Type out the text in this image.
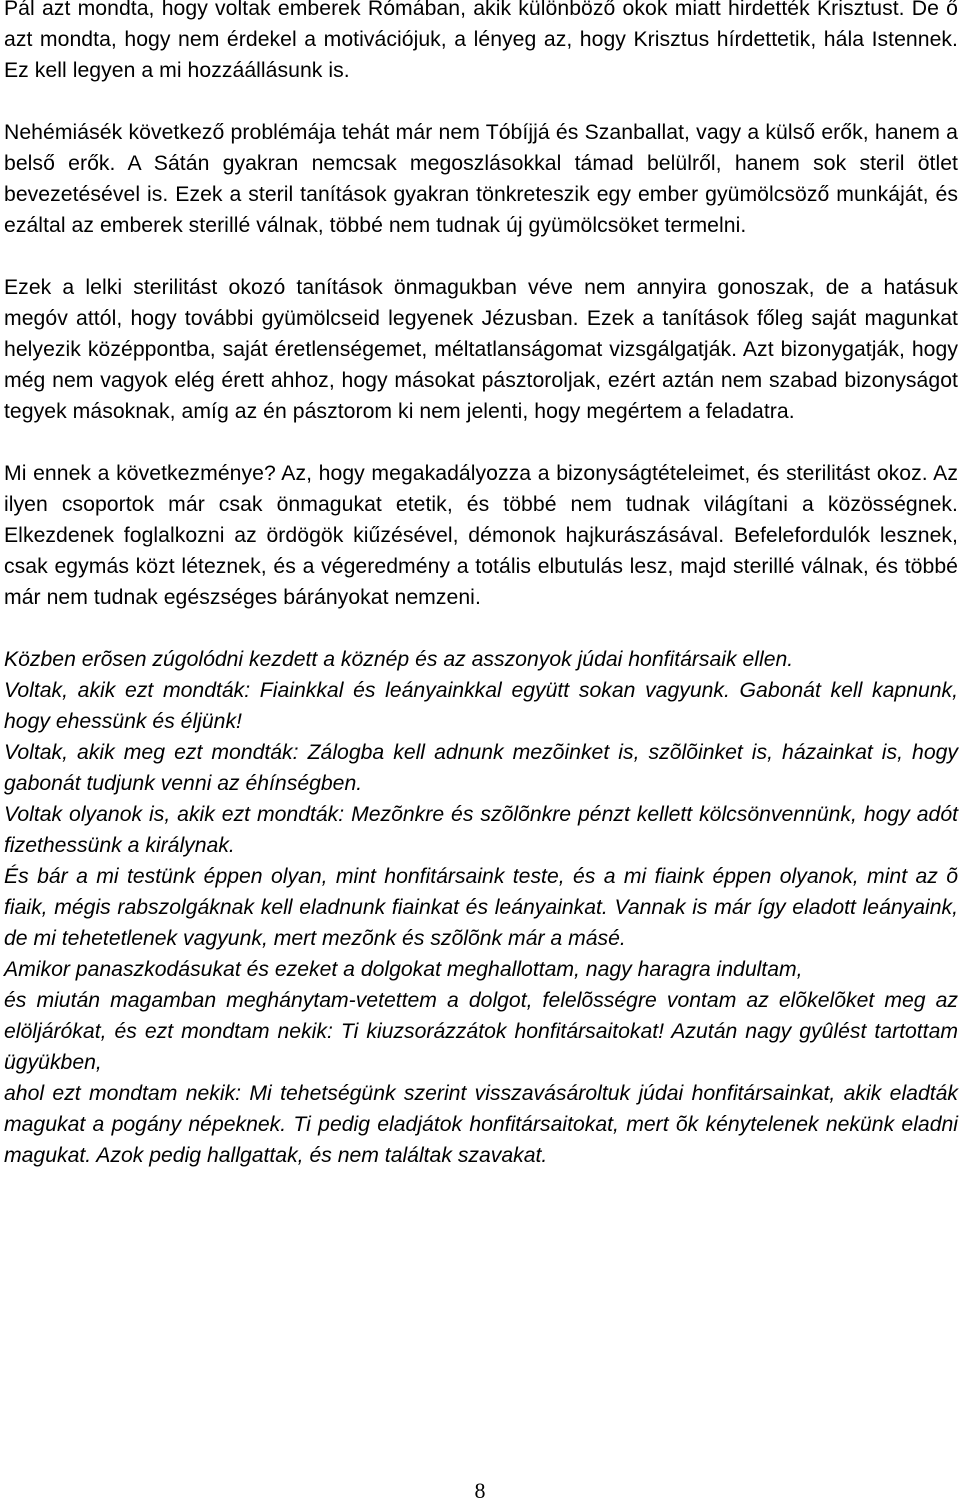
Pál azt mondta, hogy voltak emberek Rómában, akik különböző okok miatt hirdették Krisztust. De ő azt mondta, hogy nem érdekel a motivációjuk, a lényeg az, hogy Krisztus hírdettetik, hála Istennek. Ez kell legyen a mi hozzáállásunk is.

Nehémiásék következő problémája tehát már nem Tóbíjjá és Szanballat, vagy a külső erők, hanem a belső erők. A Sátán gyakran nemcsak megoszlásokkal támad belülről, hanem sok steril ötlet bevezetésével is. Ezek a steril tanítások gyakran tönkreteszik egy ember gyümölcsöző munkáját, és ezáltal az emberek sterillé válnak, többé nem tudnak új gyümölcsöket termelni.

Ezek a lelki sterilitást okozó tanítások önmagukban véve nem annyira gonoszak, de a hatásuk megóv attól, hogy további gyümölcseid legyenek Jézusban. Ezek a tanítások főleg saját magunkat helyezik középpontba, saját éretlenségemet, méltatlanságomat vizsgálgatják. Azt bizonygatják, hogy még nem vagyok elég érett ahhoz, hogy másokat pásztoroljak, ezért aztán nem szabad bizonyságot tegyek másoknak, amíg az én pásztorom ki nem jelenti, hogy megértem a feladatra.

Mi ennek a következménye? Az, hogy megakadályozza a bizonyságtételeimet, és sterilitást okoz. Az ilyen csoportok már csak önmagukat etetik, és többé nem tudnak világítani a közösségnek. Elkezdenek foglalkozni az ördögök kiűzésével, démonok hajkurászásával. Befelefordulók lesznek, csak egymás közt léteznek, és a végeredmény a totális elbutulás lesz, majd sterillé válnak, és többé már nem tudnak egészséges bárányokat nemzeni.

Közben erõsen zúgolódni kezdett a köznép és az asszonyok júdai honfitársaik ellen.

Voltak, akik ezt mondták: Fiainkkal és leányainkkal együtt sokan vagyunk. Gabonát kell kapnunk, hogy ehessünk és éljünk!

Voltak, akik meg ezt mondták: Zálogba kell adnunk mezõinket is, szõlõinket is, házainkat is, hogy gabonát tudjunk venni az éhínségben.

Voltak olyanok is, akik ezt mondták: Mezõnkre és szõlõnkre pénzt kellett kölcsönvennünk, hogy adót fizethessünk a királynak.

És bár a mi testünk éppen olyan, mint honfitársaink teste, és a mi fiaink éppen olyanok, mint az õ fiaik, mégis rabszolgáknak kell eladnunk fiainkat és leányainkat. Vannak is már így eladott leányaink, de mi tehetetlenek vagyunk, mert mezõnk és szõlõnk már a másé.

Amikor panaszkodásukat és ezeket a dolgokat meghallottam, nagy haragra indultam,

és miután magamban meghánytam-vetettem a dolgot, felelõsségre vontam az elõkelõket meg az elöljárókat, és ezt mondtam nekik: Ti kiuzsorázzátok honfitársaitokat! Azután nagy gyûlést tartottam ügyükben,

ahol ezt mondtam nekik: Mi tehetségünk szerint visszavásároltuk júdai honfitársainkat, akik eladták magukat a pogány népeknek. Ti pedig eladjátok honfitársaitokat, mert õk kénytelenek nekünk eladni magukat. Azok pedig hallgattak, és nem találtak szavakat.

8
